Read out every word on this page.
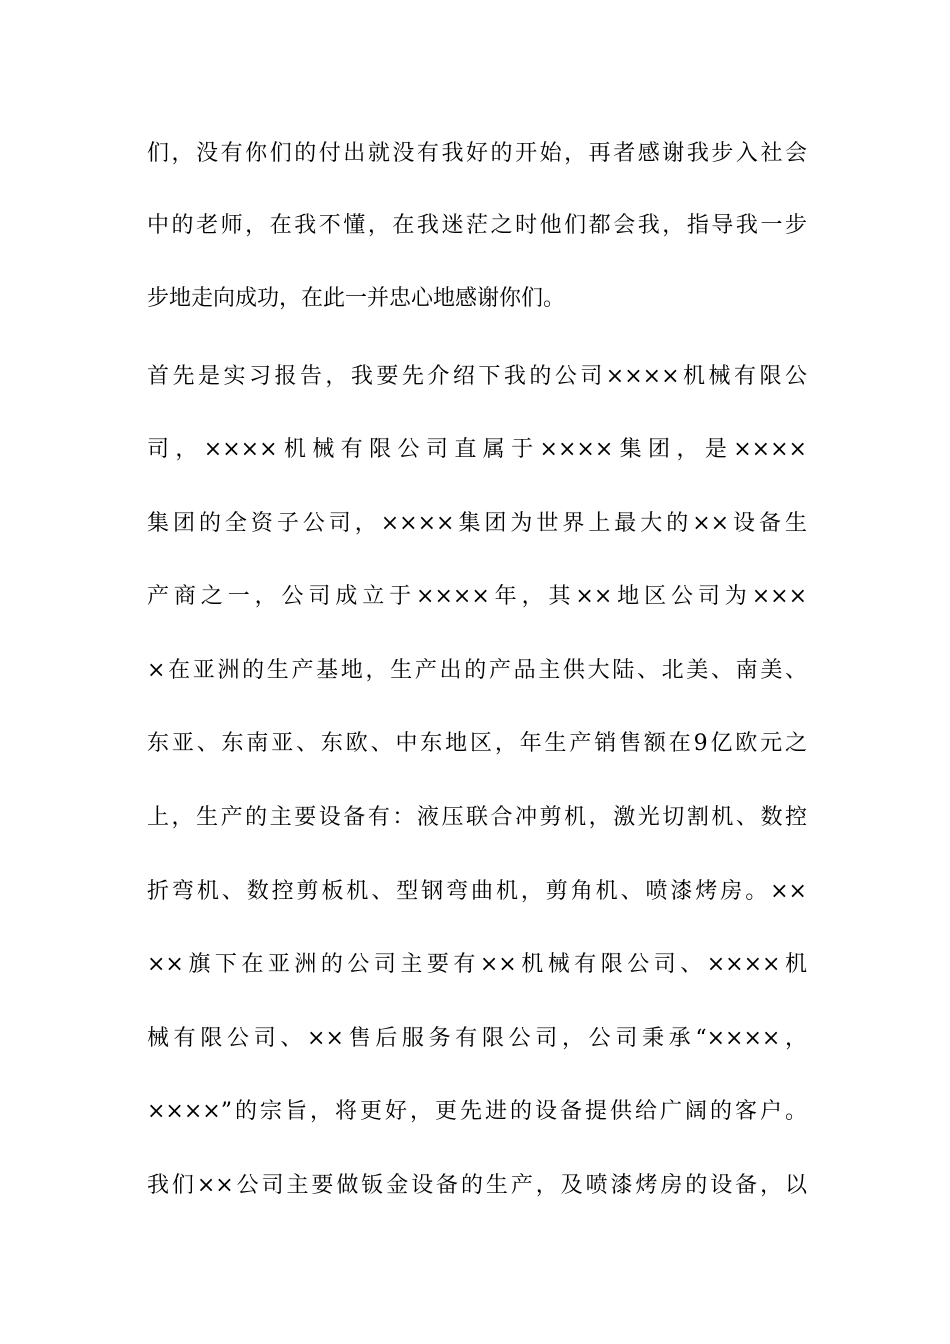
们，没有你们的付出就没有我好的开始，再者感谢我步入社会
中的老师，在我不懂，在我迷茫之时他们都会我，指导我一步
步地走向成功，在此一并忠心地感谢你们。
首先是实习报告，我要先介绍下我的公司××××机械有限公
司，××××机械有限公司直属于××××集团，是××××
集团的全资子公司，××××集团为世界上最大的××设备生
产商之一，公司成立于××××年，其××地区公司为×××
×在亚洲的生产基地，生产出的产品主供大陆、北美、南美、
东亚、东南亚、东欧、中东地区，年生产销售额在9亿欧元之
上，生产的主要设备有：液压联合冲剪机，激光切割机、数控
折弯机、数控剪板机、型钢弯曲机，剪角机、喷漆烤房。××
××旗下在亚洲的公司主要有××机械有限公司、××××机
械有限公司、××售后服务有限公司，公司秉承“××××，
××××”的宗旨，将更好，更先进的设备提供给广阔的客户。
我们××公司主要做钣金设备的生产，及喷漆烤房的设备，以
